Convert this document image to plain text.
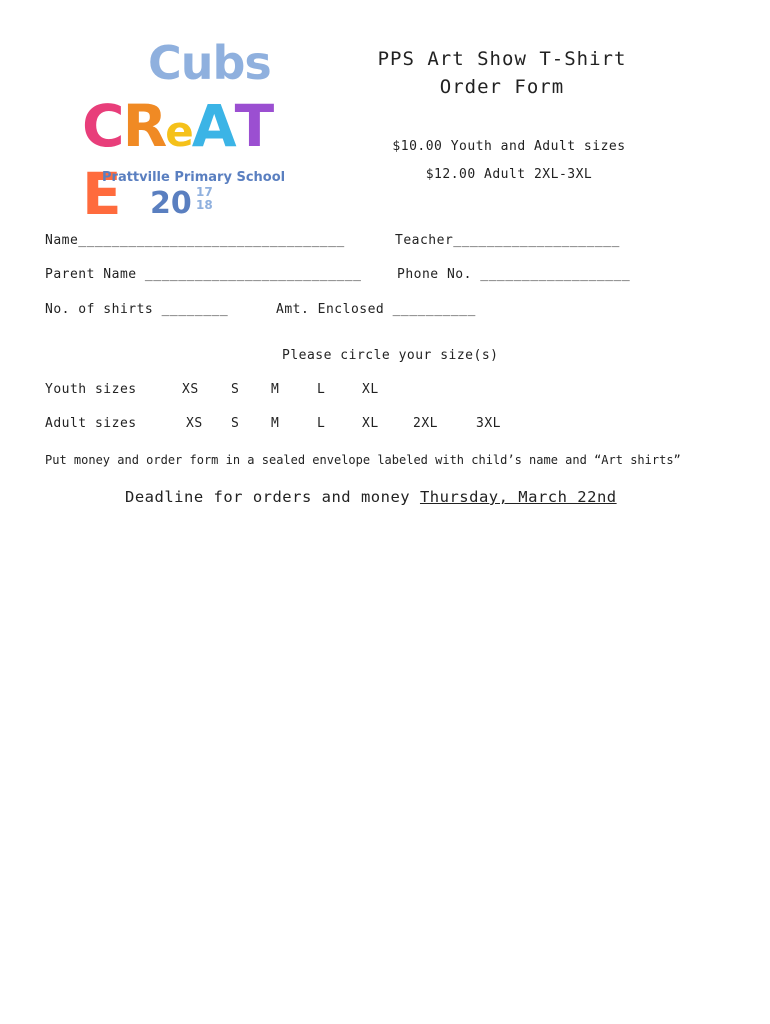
Cubs
CReATE
Prattville Primary School
20 17
18
PPS Art Show T-Shirt
Order Form
$10.00 Youth and Adult sizes
$12.00 Adult 2XL-3XL
Name________________________________	Teacher____________________
Parent Name __________________________	Phone No. __________________
No. of shirts ________	Amt. Enclosed __________
Please circle your size(s)
Youth sizes	XS S M	L	XL
Adult sizes	XS S M	L	XL	2XL	3XL
Put money and order form in a sealed envelope labeled with child’s name and “Art shirts”
Deadline for orders and money Thursday, March 22nd
